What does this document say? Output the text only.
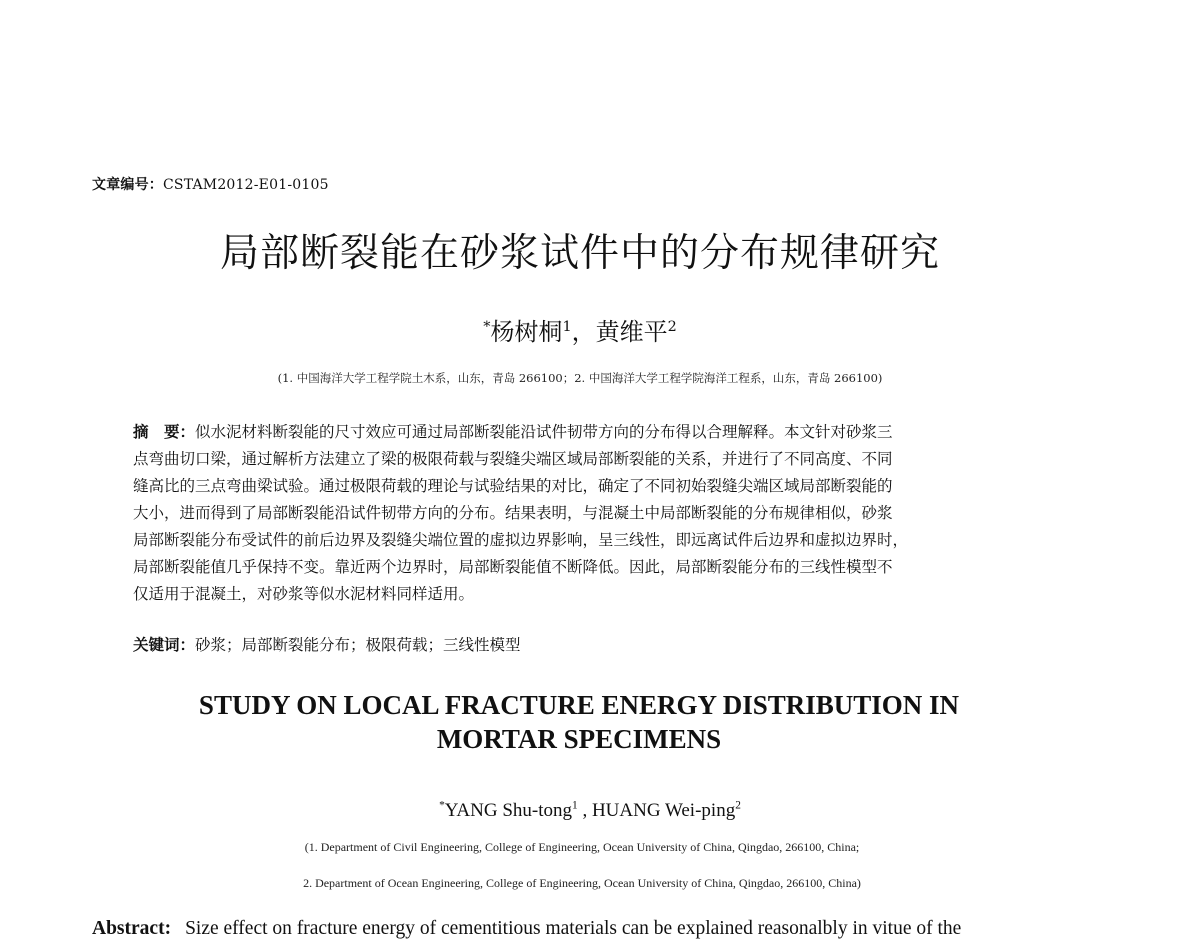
文章编号：CSTAM2012-E01-0105
局部断裂能在砂浆试件中的分布规律研究
*杨树桐$^1$，黄维平$^2$
(1. 中国海洋大学工程学院土木系，山东，青岛 266100；2. 中国海洋大学工程学院海洋工程系，山东，青岛 266100)
摘　要：似水泥材料断裂能的尺寸效应可通过局部断裂能沿试件韧带方向的分布得以合理解释。本文针对砂浆三
点弯曲切口梁，通过解析方法建立了梁的极限荷载与裂缝尖端区域局部断裂能的关系，并进行了不同高度、不同
缝高比的三点弯曲梁试验。通过极限荷载的理论与试验结果的对比，确定了不同初始裂缝尖端区域局部断裂能的
大小，进而得到了局部断裂能沿试件韧带方向的分布。结果表明，与混凝土中局部断裂能的分布规律相似，砂浆
局部断裂能分布受试件的前后边界及裂缝尖端位置的虚拟边界影响，呈三线性，即远离试件后边界和虚拟边界时，
局部断裂能值几乎保持不变。靠近两个边界时，局部断裂能值不断降低。因此，局部断裂能分布的三线性模型不
仅适用于混凝土，对砂浆等似水泥材料同样适用。
关键词：砂浆；局部断裂能分布；极限荷载；三线性模型
STUDY ON LOCAL FRACTURE ENERGY DISTRIBUTION IN
MORTAR SPECIMENS
*YANG Shu-tong$^1$ , HUANG Wei-ping$^2$
(1. Department of Civil Engineering, College of Engineering, Ocean University of China, Qingdao, 266100, China;
2. Department of Ocean Engineering, College of Engineering, Ocean University of China, Qingdao, 266100, China)
Abstract: Size effect on fracture energy of cementitious materials can be explained reasonalbly in vitue of the
